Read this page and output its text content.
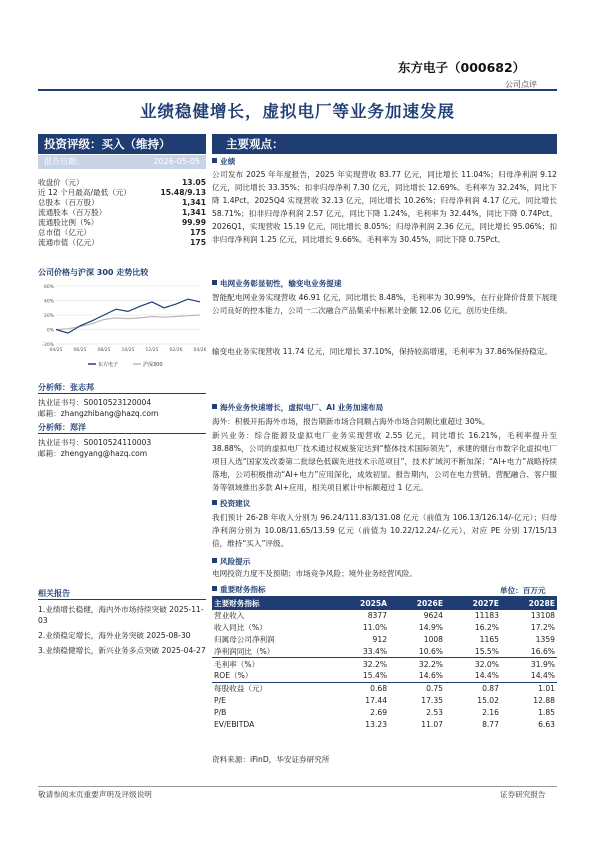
东方电子（000682）
公司点评
业绩稳健增长，虚拟电厂等业务加速发展
投资评级：买入（维持）
报告日期：	2026-05-05
收盘价（元）	13.05
近 12 个月最高/最低（元）	15.48/9.13
总股本（百万股）	1,341
流通股本（百万股）	1,341
流通股比例（%）	99.99
总市值（亿元）	175
流通市值（亿元）	175
公司价格与沪深 300 走势比较
60%
40%
20%
0%
-20%
04/25 06/25 08/25 10/25 12/25 02/26 04/26
东方电子	沪深300
分析师：张志邦
执业证书号：S0010523120004
邮箱：zhangzhibang@hazq.com
分析师：郑洋
执业证书号：S0010524110003
邮箱：zhengyang@hazq.com
相关报告
1.业绩增长稳健，海内外市场持续突破 2025-11-03
2.业绩稳定增长，海外业务突破 2025-08-30
3.业绩稳健增长，新兴业务多点突破 2025-04-27
主要观点：
业绩
公司发布 2025 年年度报告，2025 年实现营收 83.77 亿元，同比增长 11.04%；归母净利润 9.12 亿元，同比增长 33.35%；扣非归母净利 7.30 亿元，同比增长 12.69%。毛利率为 32.24%，同比下降 1.4Pct。2025Q4 实现营收 32.13 亿元，同比增长 10.26%；归母净利润 4.17 亿元，同比增长 58.71%；扣非归母净利润 2.57 亿元，同比下降 1.24%，毛利率为 32.44%，同比下降 0.74Pct。2026Q1，实现营收 15.19 亿元，同比增长 8.05%；归母净利润 2.36 亿元，同比增长 95.06%；扣非归母净利润 1.25 亿元，同比增长 9.66%。毛利率为 30.45%，同比下降 0.75Pct。
电网业务彰显韧性，输变电业务提速
智能配电网业务实现营收 46.91 亿元，同比增长 8.48%，毛利率为 30.99%，在行业降价背景下展现公司良好的控本能力，公司一二次融合产品集采中标累计金额 12.06 亿元，创历史佳绩。
输变电业务实现营收 11.74 亿元，同比增长 37.10%，保持较高增速，毛利率为 37.86%保持稳定。
海外业务快速增长，虚拟电厂、AI 业务加速布局
海外：积极开拓海外市场，报告期新市场合同额占海外市场合同额比重超过 30%。
新兴业务：综合能源及虚拟电厂业务实现营收 2.55 亿元，同比增长 16.21%，毛利率提升至 38.88%，公司的虚拟电厂技术通过权威鉴定达到“整体技术国际领先”，承建的烟台市数字化虚拟电厂项目入选“国家发改委第二批绿色低碳先进技术示范项目”，技术扩域河不断加深；“AI+电力”战略持续落地，公司积极推动“AI+电力”应用深化，成效初显。报告期内，公司在电力营销、营配融合、客户服务等领域推出多款 AI+应用，相关项目累计中标额超过 1 亿元。
投资建议
我们预计 26-28 年收入分别为 96.24/111.83/131.08 亿元（前值为 106.13/126.14/-亿元）；归母净利润分别为 10.08/11.65/13.59 亿元（前值为 10.22/12.24/-亿元），对应 PE 分别 17/15/13 倍，维持“买入”评级。
风险提示
电网投资力度不及预期；市场竞争风险；境外业务经营风险。
重要财务指标	单位：百万元
主要财务指标	2025A	2026E	2027E	2028E
营业收入	8377	9624	11183	13108
收入同比（%）	11.0%	14.9%	16.2%	17.2%
归属母公司净利润	912	1008	1165	1359
净利润同比（%）	33.4%	10.6%	15.5%	16.6%
毛利率（%）	32.2%	32.2%	32.0%	31.9%
ROE（%）	15.4%	14.6%	14.4%	14.4%
每股收益（元）	0.68	0.75	0.87	1.01
P/E	17.44	17.35	15.02	12.88
P/B	2.69	2.53	2.16	1.85
EV/EBITDA	13.23	11.07	8.77	6.63
资料来源：iFinD，华安证券研究所
敬请参阅末页重要声明及评级说明	证券研究报告
